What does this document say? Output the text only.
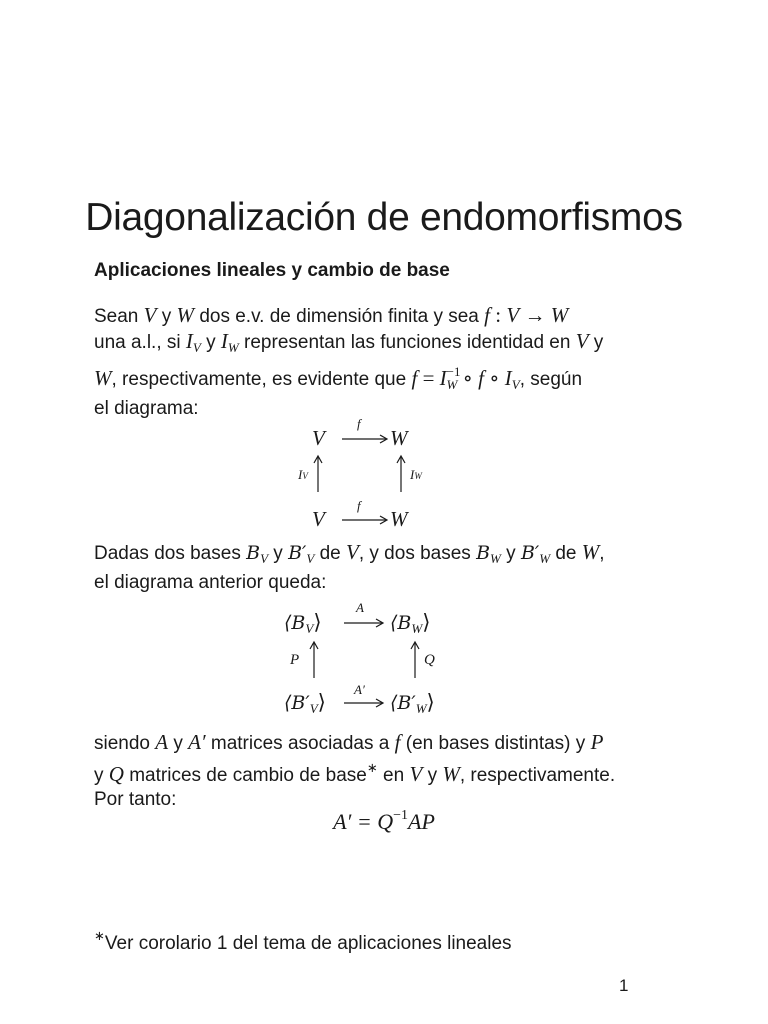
Diagonalización de endomorfismos
Aplicaciones lineales y cambio de base
Sean V y W dos e.v. de dimensión finita y sea f : V → W
una a.l., si $I_V$ y $I_W$ representan las funciones identidad en V y
W, respectivamente, es evidente que $f = I^{-1}_W$ ∘ f ∘ $I_V$, según
el diagrama:
V
f
W
IV	IW
V
f
W
Dadas dos bases $B_V$ y $B'_V$ de V, y dos bases $B_W$ y $B'_W$ de W,
el diagrama anterior queda:
$⟨B_V⟩$
A
$⟨B_W⟩$
P	Q
$⟨B'_V⟩$
A′
$⟨B'_W⟩$
siendo A y A′ matrices asociadas a f (en bases distintas) y P
y Q matrices de cambio de base∗ en V y W, respectivamente.
Por tanto:
$A' = Q^{-1}AP$
∗Ver corolario 1 del tema de aplicaciones lineales
1
